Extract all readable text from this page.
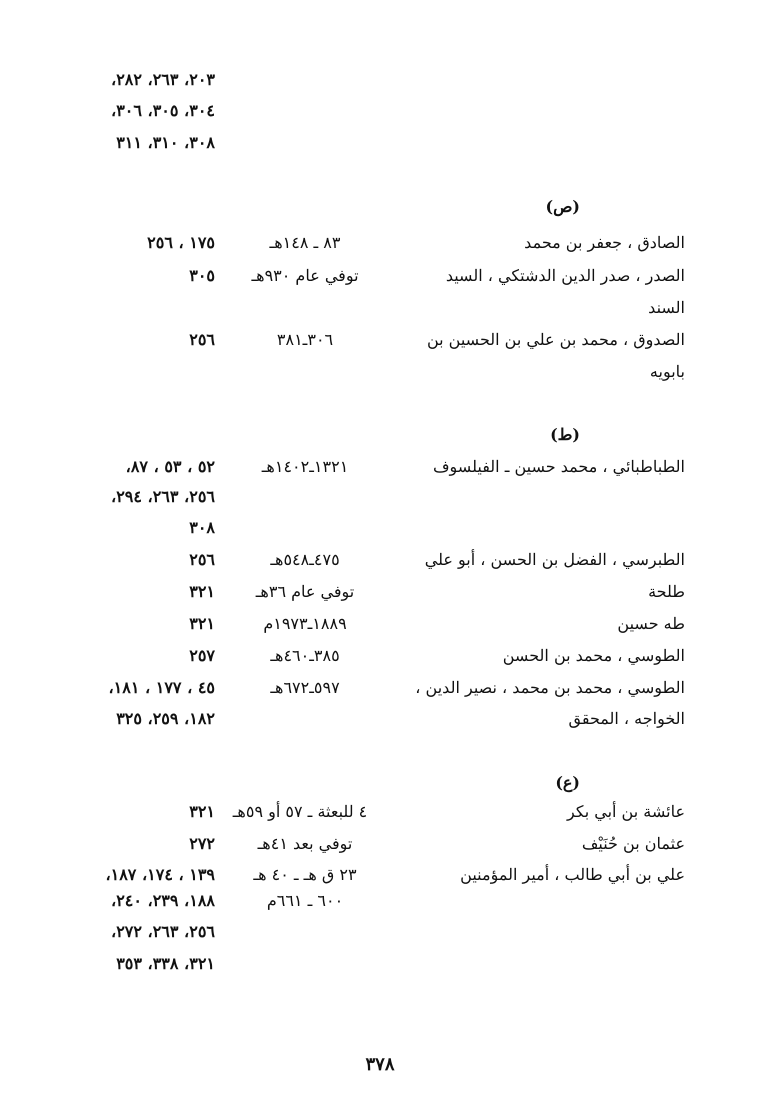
٢٠٣، ٢٦٣، ٢٨٢،
٣٠٤، ٣٠٥، ٣٠٦،
٣٠٨، ٣١٠، ٣١١
(ص)
الصادق ، جعفر بن محمد
٨٣ ـ ١٤٨هـ
١٧٥ ، ٢٥٦
الصدر ، صدر الدين الدشتكي ، السيد
السند
توفي عام ٩٣٠هـ
٣٠٥
الصدوق ، محمد بن علي بن الحسين بن
بابويه
٣٠٦ـ٣٨١
٢٥٦
(ط)
الطباطبائي ، محمد حسين ـ الفيلسوف
١٣٢١ـ١٤٠٢هـ
٥٢ ، ٥٣ ، ٨٧،
٢٥٦، ٢٦٣، ٢٩٤،
٣٠٨
الطبرسي ، الفضل بن الحسن ، أبو علي
٤٧٥ـ٥٤٨هـ
٢٥٦
طلحة
توفي عام ٣٦هـ
٣٢١
طه حسين
١٨٨٩ـ١٩٧٣م
٣٢١
الطوسي ، محمد بن الحسن
٣٨٥ـ٤٦٠هـ
٢٥٧
الطوسي ، محمد بن محمد ، نصير الدين ،
الخواجه ، المحقق
٥٩٧ـ٦٧٢هـ
٤٥ ، ١٧٧ ، ١٨١،
١٨٢، ٢٥٩، ٣٢٥
(ع)
عائشة بن أبي بكر
٤ للبعثة ـ ٥٧ أو ٥٩هـ
٣٢١
عثمان بن حُنَيْف
توفي بعد ٤١هـ
٢٧٢
علي بن أبي طالب ، أمير المؤمنين
٢٣ ق هـ ـ ٤٠ هـ
٦٠٠ ـ ٦٦١م
١٣٩ ، ١٧٤، ١٨٧،
١٨٨، ٢٣٩، ٢٤٠،
٢٥٦، ٢٦٣، ٢٧٢،
٣٢١، ٣٣٨، ٣٥٣
٣٧٨
